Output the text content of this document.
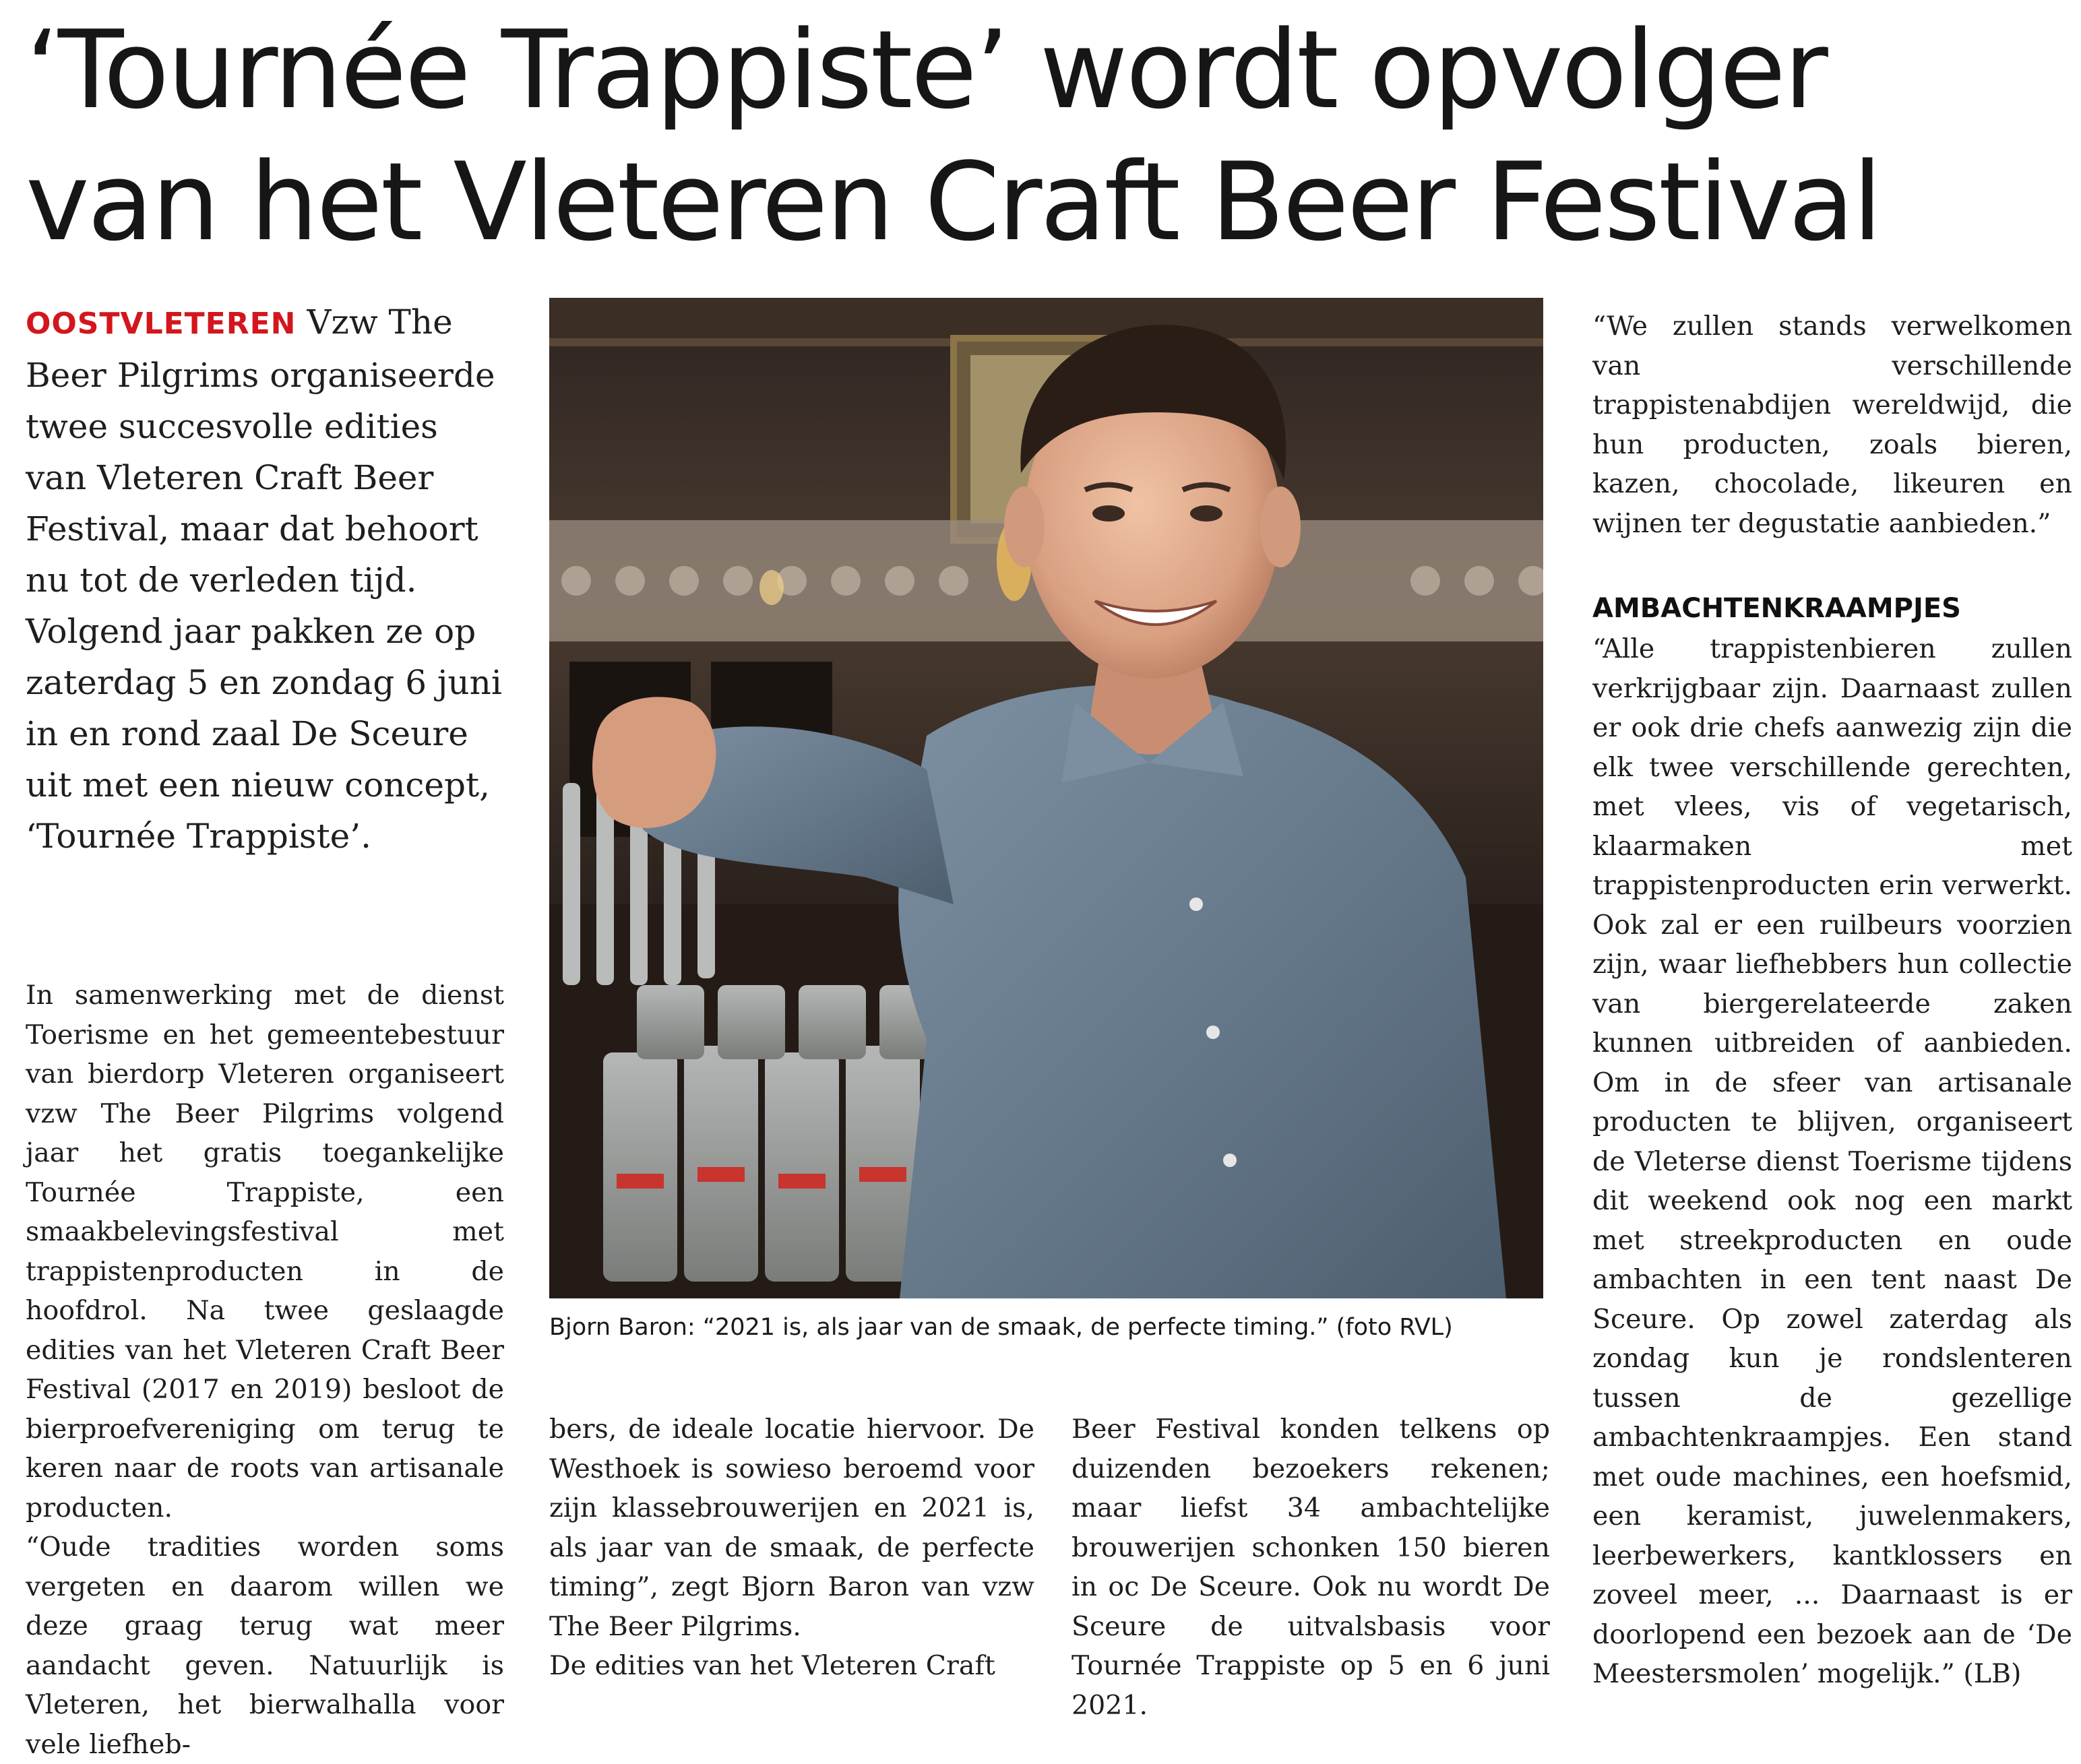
‘Tournée Trappiste’ wordt opvolger
van het Vleteren Craft Beer Festival
OOSTVLETEREN Vzw The Beer Pilgrims organiseerde twee succesvolle edities van Vleteren Craft Beer Festival, maar dat behoort nu tot de verleden tijd. Volgend jaar pakken ze op zaterdag 5 en zondag 6 juni in en rond zaal De Sceure uit met een nieuw concept, ‘Tournée Trappiste’.

In samenwerking met de dienst Toerisme en het gemeentebestuur van bierdorp Vleteren organiseert vzw The Beer Pilgrims volgend jaar het gratis toegankelijke Tournée Trappiste, een smaakbelevingsfestival met trappistenproducten in de hoofdrol. Na twee geslaagde edities van het Vleteren Craft Beer Festival (2017 en 2019) besloot de bierproefvereniging om terug te keren naar de roots van artisanale producten.

“Oude tradities worden soms vergeten en daarom willen we deze graag terug wat meer aandacht geven. Natuurlijk is Vleteren, het bierwalhalla voor vele liefheb-

Bjorn Baron: “2021 is, als jaar van de smaak, de perfecte timing.” (foto RVL)

bers, de ideale locatie hiervoor. De Westhoek is sowieso beroemd voor zijn klassebrouwerijen en 2021 is, als jaar van de smaak, de perfecte timing”, zegt Bjorn Baron van vzw The Beer Pilgrims.

De edities van het Vleteren Craft

Beer Festival konden telkens op duizenden bezoekers rekenen; maar liefst 34 ambachtelijke brouwerijen schonken 150 bieren in oc De Sceure. Ook nu wordt De Sceure de uitvalsbasis voor Tournée Trappiste op 5 en 6 juni 2021.

“We zullen stands verwelkomen van verschillende trappistenabdijen wereldwijd, die hun producten, zoals bieren, kazen, chocolade, likeuren en wijnen ter degustatie aanbieden.”

AMBACHTENKRAAMPJES

“Alle trappistenbieren zullen verkrijgbaar zijn. Daarnaast zullen er ook drie chefs aanwezig zijn die elk twee verschillende gerechten, met vlees, vis of vegetarisch, klaarmaken met trappistenproducten erin verwerkt. Ook zal er een ruilbeurs voorzien zijn, waar liefhebbers hun collectie van biergerelateerde zaken kunnen uitbreiden of aanbieden. Om in de sfeer van artisanale producten te blijven, organiseert de Vleterse dienst Toerisme tijdens dit weekend ook nog een markt met streekproducten en oude ambachten in een tent naast De Sceure. Op zowel zaterdag als zondag kun je rondslenteren tussen de gezellige ambachtenkraampjes. Een stand met oude machines, een hoefsmid, een keramist, juwelenmakers, leerbewerkers, kantklossers en zoveel meer, ... Daarnaast is er doorlopend een bezoek aan de ‘De Meestersmolen’ mogelijk.” (LB)
